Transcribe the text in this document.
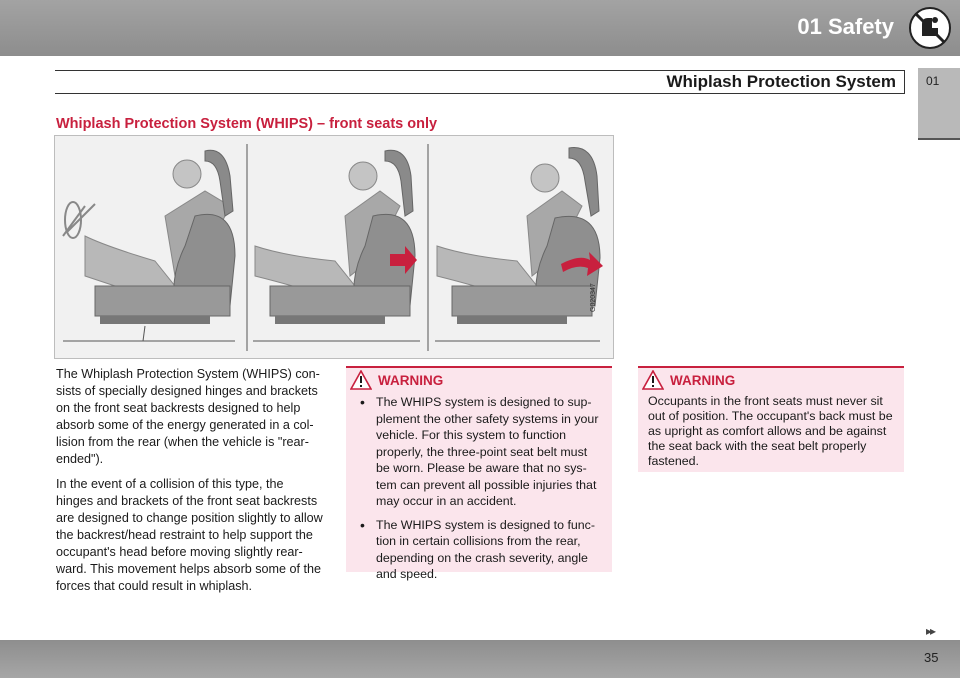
01 Safety
Whiplash Protection System	01
Whiplash Protection System (WHIPS) – front seats only
G020347

The Whiplash Protection System (WHIPS) con-sists of specially designed hinges and brackets on the front seat backrests designed to help absorb some of the energy generated in a col-lision from the rear (when the vehicle is "rear-ended").

In the event of a collision of this type, the hinges and brackets of the front seat backrests are designed to change position slightly to allow the backrest/head restraint to help support the occupant's head before moving slightly rear-ward. This movement helps absorb some of the forces that could result in whiplash.

WARNING
• The WHIPS system is designed to sup-plement the other safety systems in your vehicle. For this system to function properly, the three-point seat belt must be worn. Please be aware that no sys-tem can prevent all possible injuries that may occur in an accident.
• The WHIPS system is designed to func-tion in certain collisions from the rear, depending on the crash severity, angle and speed.
WARNING
Occupants in the front seats must never sit out of position. The occupant's back must be as upright as comfort allows and be against the seat back with the seat belt properly fastened.
▸▸
35
